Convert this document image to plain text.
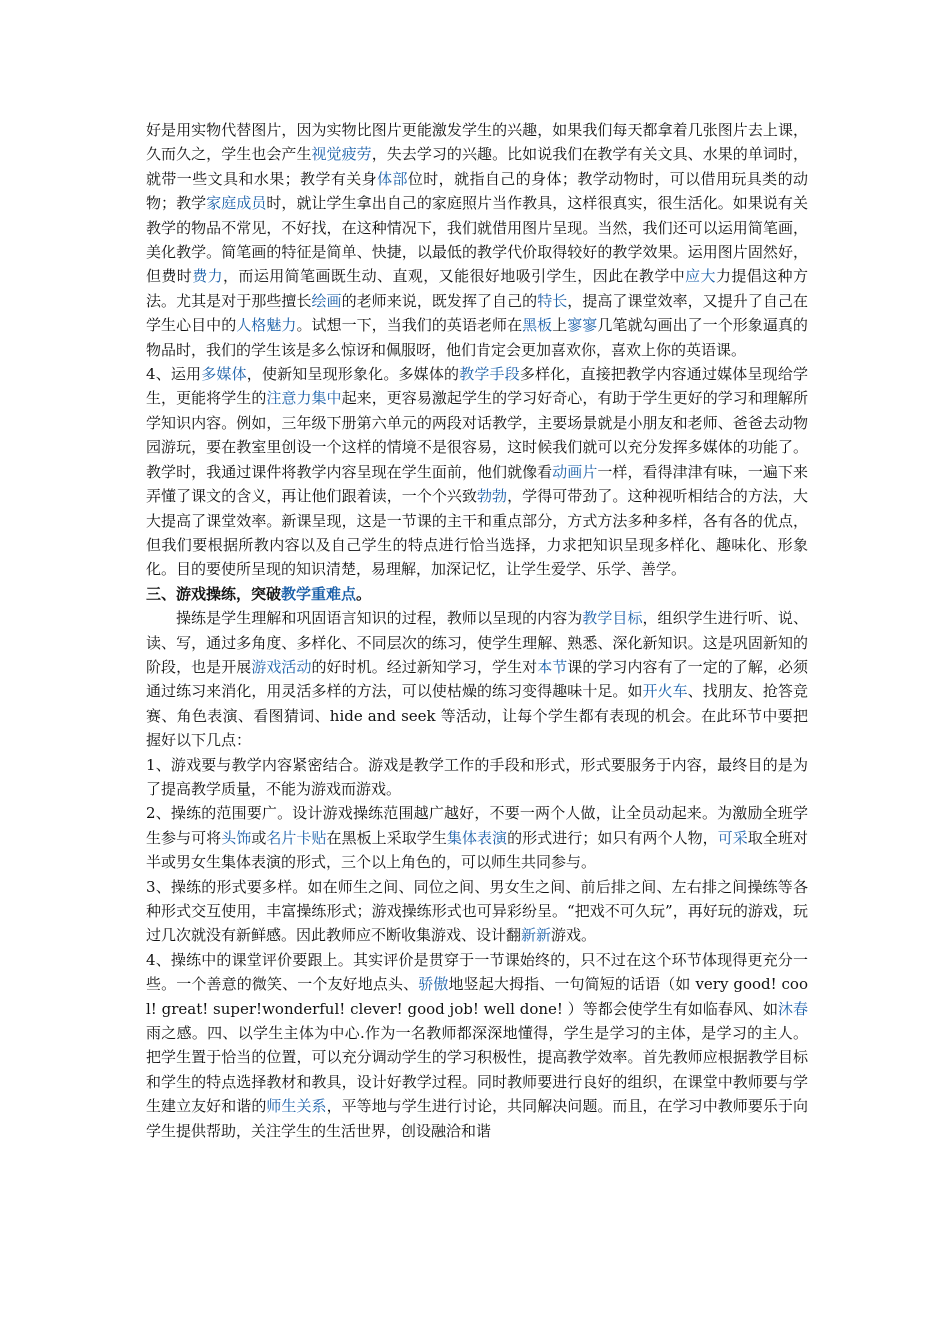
好是用实物代替图片，因为实物比图片更能激发学生的兴趣，如果我们每天都拿着几张图片去上课，久而久之，学生也会产生视觉疲劳，失去学习的兴趣。比如说我们在教学有关文具、水果的单词时，就带一些文具和水果；教学有关身体部位时，就指自己的身体；教学动物时，可以借用玩具类的动物；教学家庭成员时，就让学生拿出自己的家庭照片当作教具，这样很真实，很生活化。如果说有关教学的物品不常见，不好找，在这种情况下，我们就借用图片呈现。当然，我们还可以运用简笔画，美化教学。简笔画的特征是简单、快捷，以最低的教学代价取得较好的教学效果。运用图片固然好，但费时费力，而运用简笔画既生动、直观，又能很好地吸引学生，因此在教学中应大力提倡这种方法。尤其是对于那些擅长绘画的老师来说，既发挥了自己的特长，提高了课堂效率，又提升了自己在学生心目中的人格魅力。试想一下，当我们的英语老师在黑板上寥寥几笔就勾画出了一个形象逼真的物品时，我们的学生该是多么惊讶和佩服呀，他们肯定会更加喜欢你，喜欢上你的英语课。

4、运用多媒体，使新知呈现形象化。多媒体的教学手段多样化，直接把教学内容通过媒体呈现给学生，更能将学生的注意力集中起来，更容易激起学生的学习好奇心，有助于学生更好的学习和理解所学知识内容。例如，三年级下册第六单元的两段对话教学，主要场景就是小朋友和老师、爸爸去动物园游玩，要在教室里创设一个这样的情境不是很容易，这时候我们就可以充分发挥多媒体的功能了。教学时，我通过课件将教学内容呈现在学生面前，他们就像看动画片一样，看得津津有味，一遍下来弄懂了课文的含义，再让他们跟着读，一个个兴致勃勃，学得可带劲了。这种视听相结合的方法，大大提高了课堂效率。新课呈现，这是一节课的主干和重点部分，方式方法多种多样，各有各的优点，但我们要根据所教内容以及自己学生的特点进行恰当选择，力求把知识呈现多样化、趣味化、形象化。目的要使所呈现的知识清楚，易理解，加深记忆，让学生爱学、乐学、善学。

三、游戏操练，突破教学重难点。

操练是学生理解和巩固语言知识的过程，教师以呈现的内容为教学目标，组织学生进行听、说、读、写，通过多角度、多样化、不同层次的练习，使学生理解、熟悉、深化新知识。这是巩固新知的阶段，也是开展游戏活动的好时机。经过新知学习，学生对本节课的学习内容有了一定的了解，必须通过练习来消化，用灵活多样的方法，可以使枯燥的练习变得趣味十足。如开火车、找朋友、抢答竞赛、角色表演、看图猜词、hide and seek 等活动，让每个学生都有表现的机会。在此环节中要把握好以下几点：

1、游戏要与教学内容紧密结合。游戏是教学工作的手段和形式，形式要服务于内容，最终目的是为了提高教学质量，不能为游戏而游戏。

2、操练的范围要广。设计游戏操练范围越广越好，不要一两个人做，让全员动起来。为激励全班学生参与可将头饰或名片卡贴在黑板上采取学生集体表演的形式进行；如只有两个人物，可采取全班对半或男女生集体表演的形式，三个以上角色的，可以师生共同参与。

3、操练的形式要多样。如在师生之间、同位之间、男女生之间、前后排之间、左右排之间操练等各种形式交互使用，丰富操练形式；游戏操练形式也可异彩纷呈。“把戏不可久玩”，再好玩的游戏，玩过几次就没有新鲜感。因此教师应不断收集游戏、设计翻新新游戏。

4、操练中的课堂评价要跟上。其实评价是贯穿于一节课始终的，只不过在这个环节体现得更充分一些。一个善意的微笑、一个友好地点头、骄傲地竖起大拇指、一句简短的话语（如 very good! cool! great! super!wonderful! clever! good job! well done! ）等都会使学生有如临春风、如沐春雨之感。四、以学生主体为中心.作为一名教师都深深地懂得，学生是学习的主体，是学习的主人。把学生置于恰当的位置，可以充分调动学生的学习积极性，提高教学效率。首先教师应根据教学目标和学生的特点选择教材和教具，设计好教学过程。同时教师要进行良好的组织，在课堂中教师要与学生建立友好和谐的师生关系，平等地与学生进行讨论，共同解决问题。而且，在学习中教师要乐于向学生提供帮助，关注学生的生活世界，创设融洽和谐
